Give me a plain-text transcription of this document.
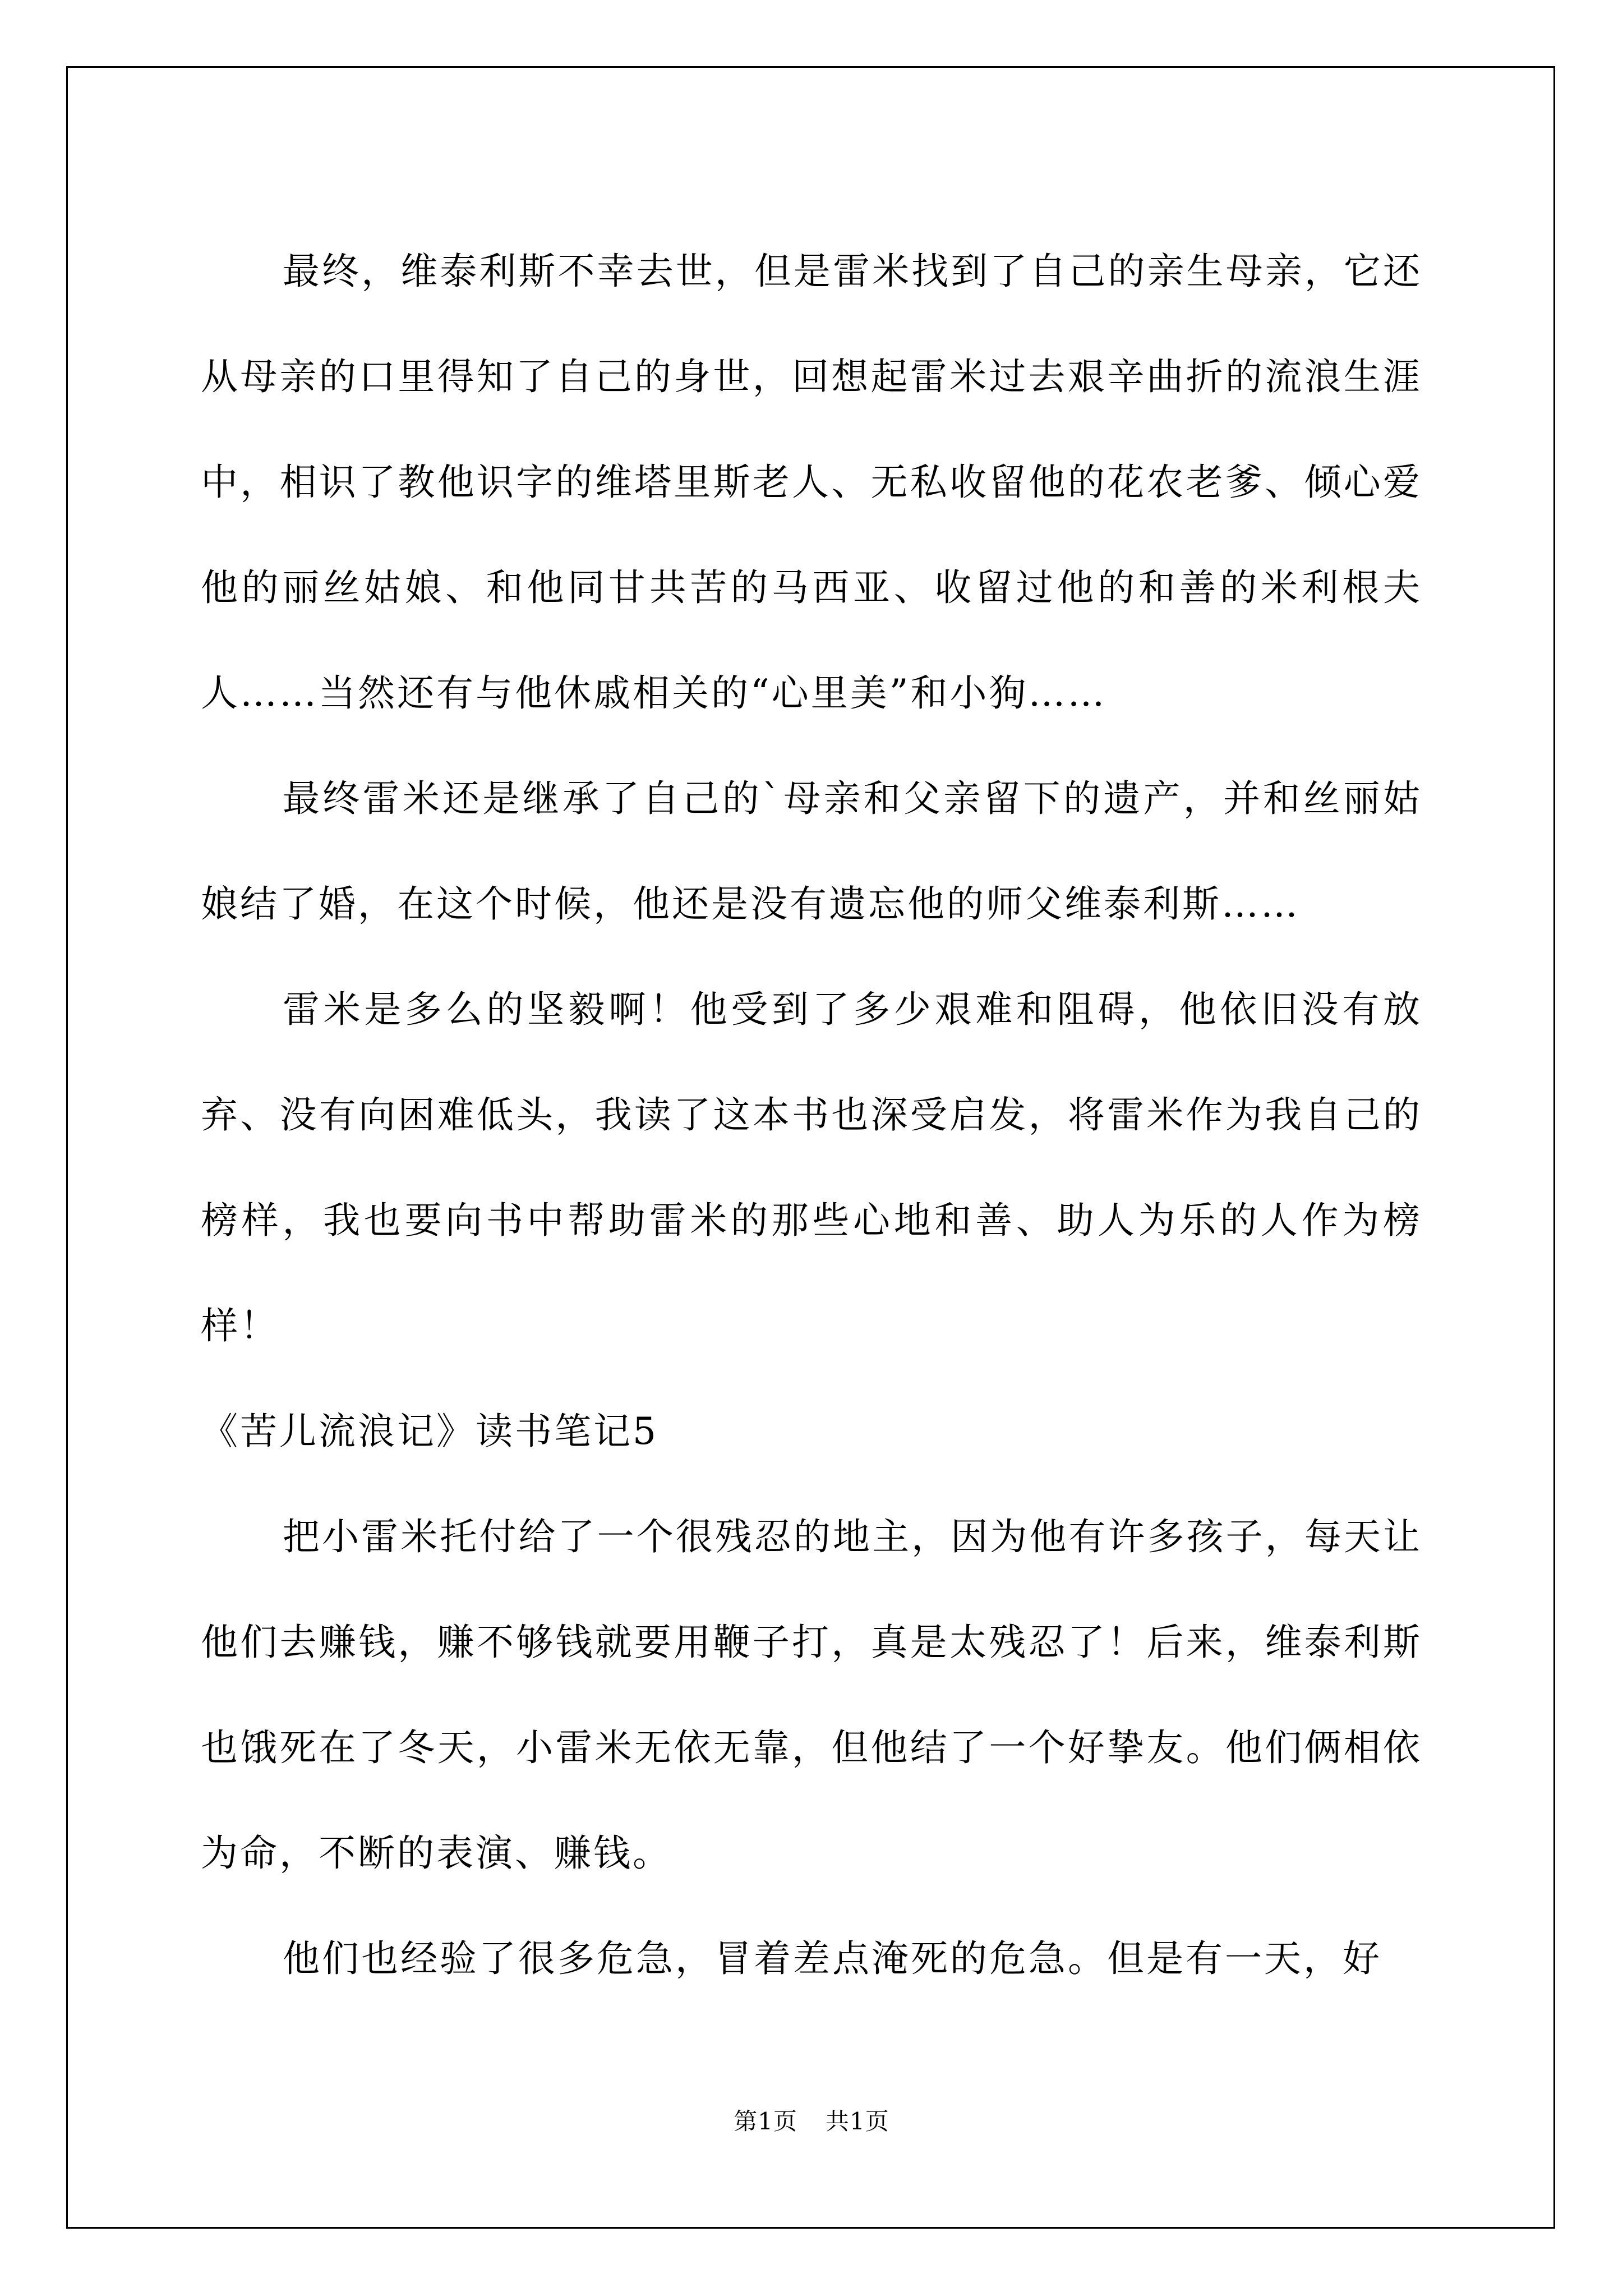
最终，维泰利斯不幸去世，但是雷米找到了自己的亲生母亲，它还从母亲的口里得知了自己的身世，回想起雷米过去艰辛曲折的流浪生涯中，相识了教他识字的维塔里斯老人、无私收留他的花农老爹、倾心爱他的丽丝姑娘、和他同甘共苦的马西亚、收留过他的和善的米利根夫人……当然还有与他休戚相关的“心里美”和小狗……

最终雷米还是继承了自己的`母亲和父亲留下的遗产，并和丝丽姑娘结了婚，在这个时候，他还是没有遗忘他的师父维泰利斯……

雷米是多么的坚毅啊！他受到了多少艰难和阻碍，他依旧没有放弃、没有向困难低头，我读了这本书也深受启发，将雷米作为我自己的榜样，我也要向书中帮助雷米的那些心地和善、助人为乐的人作为榜样！

《苦儿流浪记》读书笔记5

把小雷米托付给了一个很残忍的地主，因为他有许多孩子，每天让他们去赚钱，赚不够钱就要用鞭子打，真是太残忍了！后来，维泰利斯也饿死在了冬天，小雷米无依无靠，但他结了一个好挚友。他们俩相依为命，不断的表演、赚钱。

他们也经验了很多危急，冒着差点淹死的危急。但是有一天，好

第1页 共1页
